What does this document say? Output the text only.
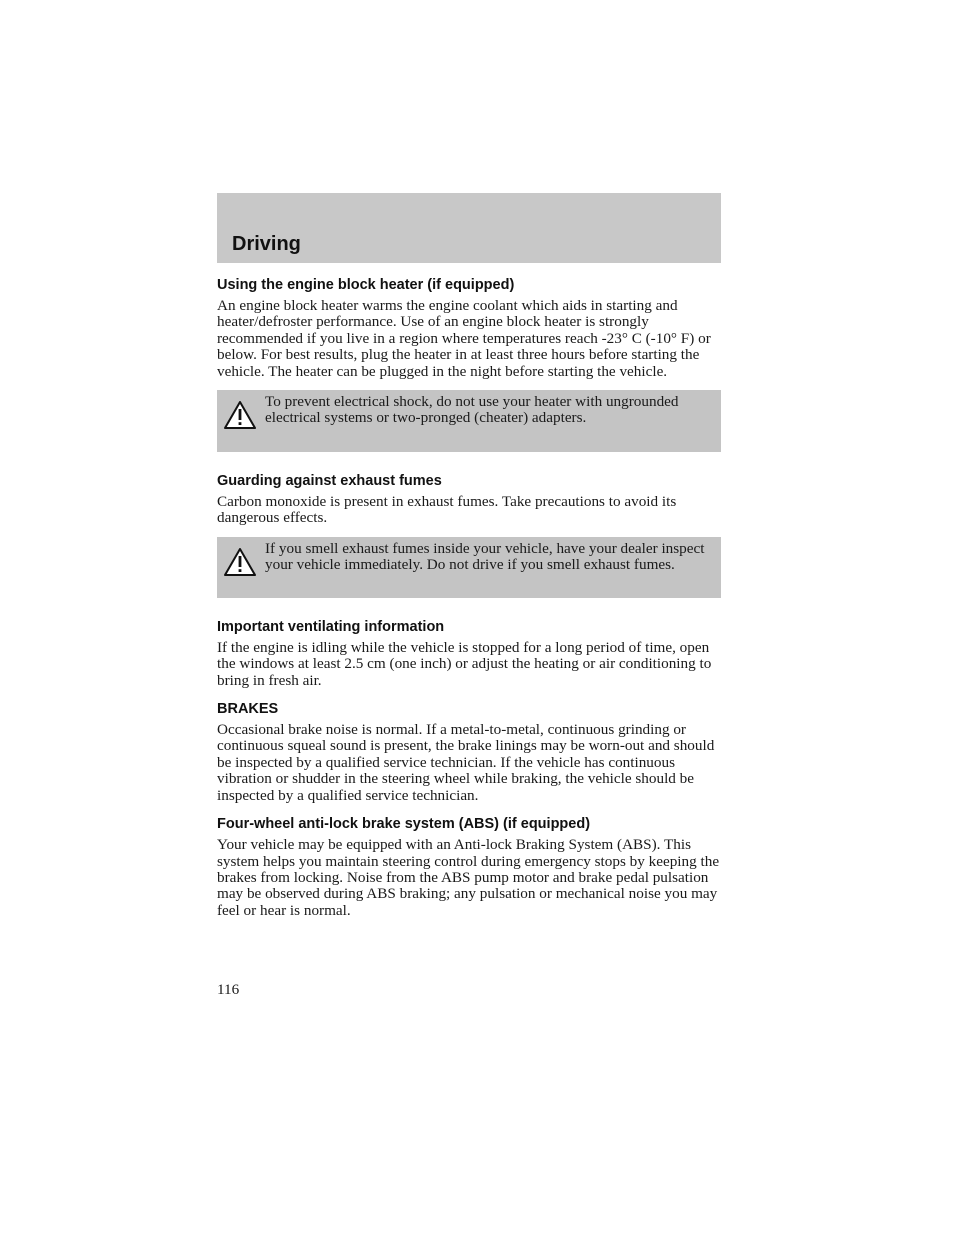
Driving
Using the engine block heater (if equipped)

An engine block heater warms the engine coolant which aids in starting and heater/defroster performance. Use of an engine block heater is strongly recommended if you live in a region where temperatures reach -23° C (-10° F) or below. For best results, plug the heater in at least three hours before starting the vehicle. The heater can be plugged in the night before starting the vehicle.

To prevent electrical shock, do not use your heater with ungrounded electrical systems or two-pronged (cheater) adapters.
Guarding against exhaust fumes

Carbon monoxide is present in exhaust fumes. Take precautions to avoid its dangerous effects.

If you smell exhaust fumes inside your vehicle, have your dealer inspect your vehicle immediately. Do not drive if you smell exhaust fumes.
Important ventilating information

If the engine is idling while the vehicle is stopped for a long period of time, open the windows at least 2.5 cm (one inch) or adjust the heating or air conditioning to bring in fresh air.

BRAKES

Occasional brake noise is normal. If a metal-to-metal, continuous grinding or continuous squeal sound is present, the brake linings may be worn-out and should be inspected by a qualified service technician. If the vehicle has continuous vibration or shudder in the steering wheel while braking, the vehicle should be inspected by a qualified service technician.

Four-wheel anti-lock brake system (ABS) (if equipped)

Your vehicle may be equipped with an Anti-lock Braking System (ABS). This system helps you maintain steering control during emergency stops by keeping the brakes from locking. Noise from the ABS pump motor and brake pedal pulsation may be observed during ABS braking; any pulsation or mechanical noise you may feel or hear is normal.

116
